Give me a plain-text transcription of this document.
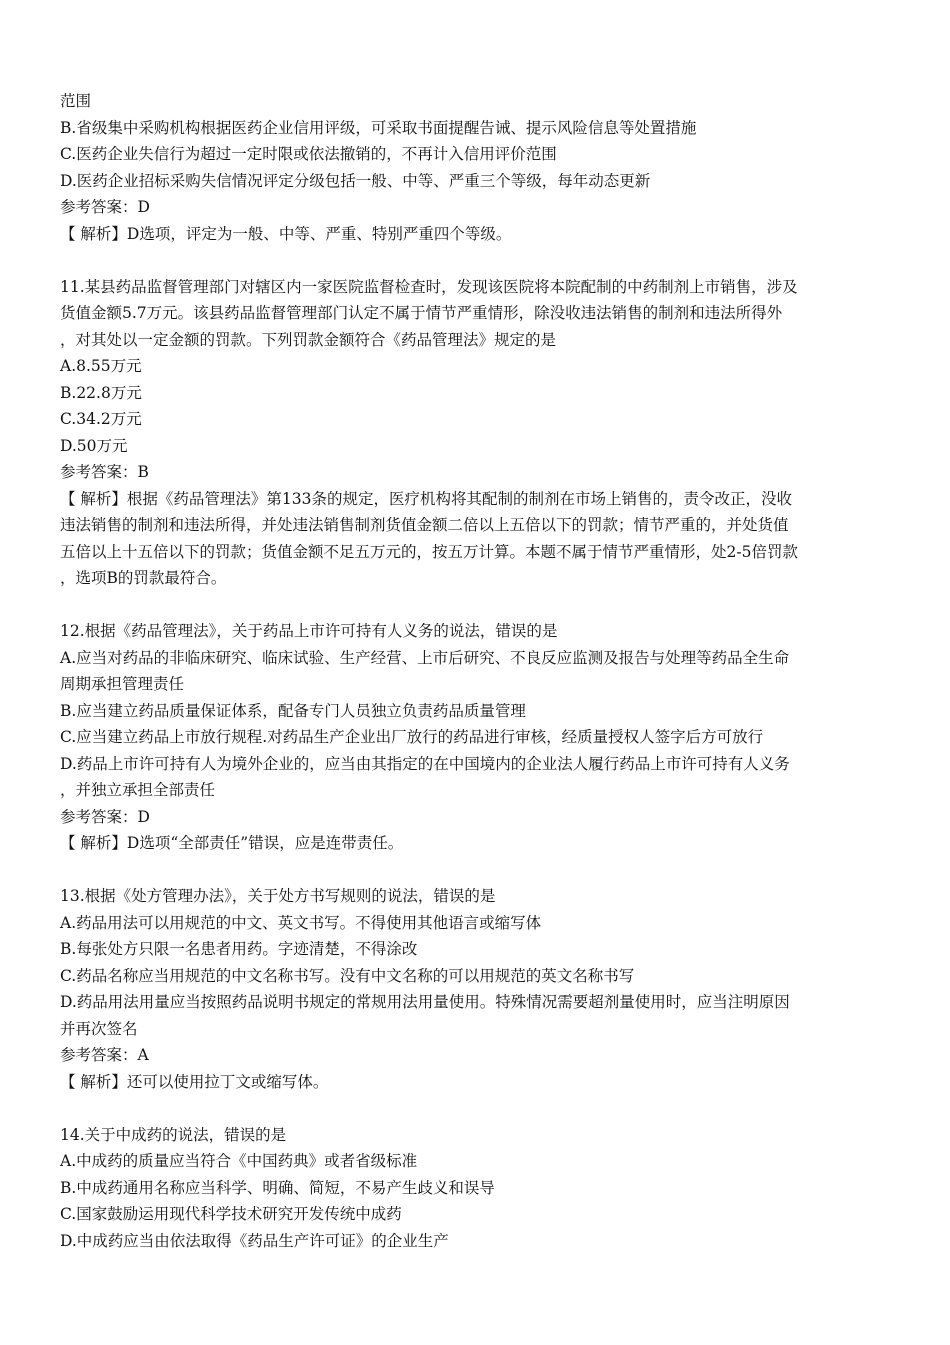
范围
B.省级集中采购机构根据医药企业信用评级，可采取书面提醒告诫、提示风险信息等处置措施
C.医药企业失信行为超过一定时限或依法撤销的，不再计入信用评价范围
D.医药企业招标采购失信情况评定分级包括一般、中等、严重三个等级，每年动态更新
参考答案：D
【 解析】D选项，评定为一般、中等、严重、特别严重四个等级。
11.某县药品监督管理部门对辖区内一家医院监督检查时，发现该医院将本院配制的中药制剂上市销售，涉及
货值金额5.7万元。该县药品监督管理部门认定不属于情节严重情形，除没收违法销售的制剂和违法所得外
，对其处以一定金额的罚款。下列罚款金额符合《药品管理法》规定的是
A.8.55万元
B.22.8万元
C.34.2万元
D.50万元
参考答案：B
【 解析】根据《药品管理法》第133条的规定，医疗机构将其配制的制剂在市场上销售的，责令改正，没收
违法销售的制剂和违法所得，并处违法销售制剂货值金额二倍以上五倍以下的罚款；情节严重的，并处货值
五倍以上十五倍以下的罚款；货值金额不足五万元的，按五万计算。本题不属于情节严重情形，处2-5倍罚款
，选项B的罚款最符合。
12.根据《药品管理法》，关于药品上市许可持有人义务的说法，错误的是
A.应当对药品的非临床研究、临床试验、生产经营、上市后研究、不良反应监测及报告与处理等药品全生命
周期承担管理责任
B.应当建立药品质量保证体系，配备专门人员独立负责药品质量管理
C.应当建立药品上市放行规程.对药品生产企业出厂放行的药品进行审核，经质量授权人签字后方可放行
D.药品上市许可持有人为境外企业的，应当由其指定的在中国境内的企业法人履行药品上市许可持有人义务
，并独立承担全部责任
参考答案：D
【 解析】D选项“全部责任”错误，应是连带责任。
13.根据《处方管理办法》，关于处方书写规则的说法，错误的是
A.药品用法可以用规范的中文、英文书写。不得使用其他语言或缩写体
B.每张处方只限一名患者用药。字迹清楚，不得涂改
C.药品名称应当用规范的中文名称书写。没有中文名称的可以用规范的英文名称书写
D.药品用法用量应当按照药品说明书规定的常规用法用量使用。特殊情况需要超剂量使用时，应当注明原因
并再次签名
参考答案：A
【 解析】还可以使用拉丁文或缩写体。
14.关于中成药的说法，错误的是
A.中成药的质量应当符合《中国药典》或者省级标准
B.中成药通用名称应当科学、明确、简短，不易产生歧义和误导
C.国家鼓励运用现代科学技术研究开发传统中成药
D.中成药应当由依法取得《药品生产许可证》的企业生产
